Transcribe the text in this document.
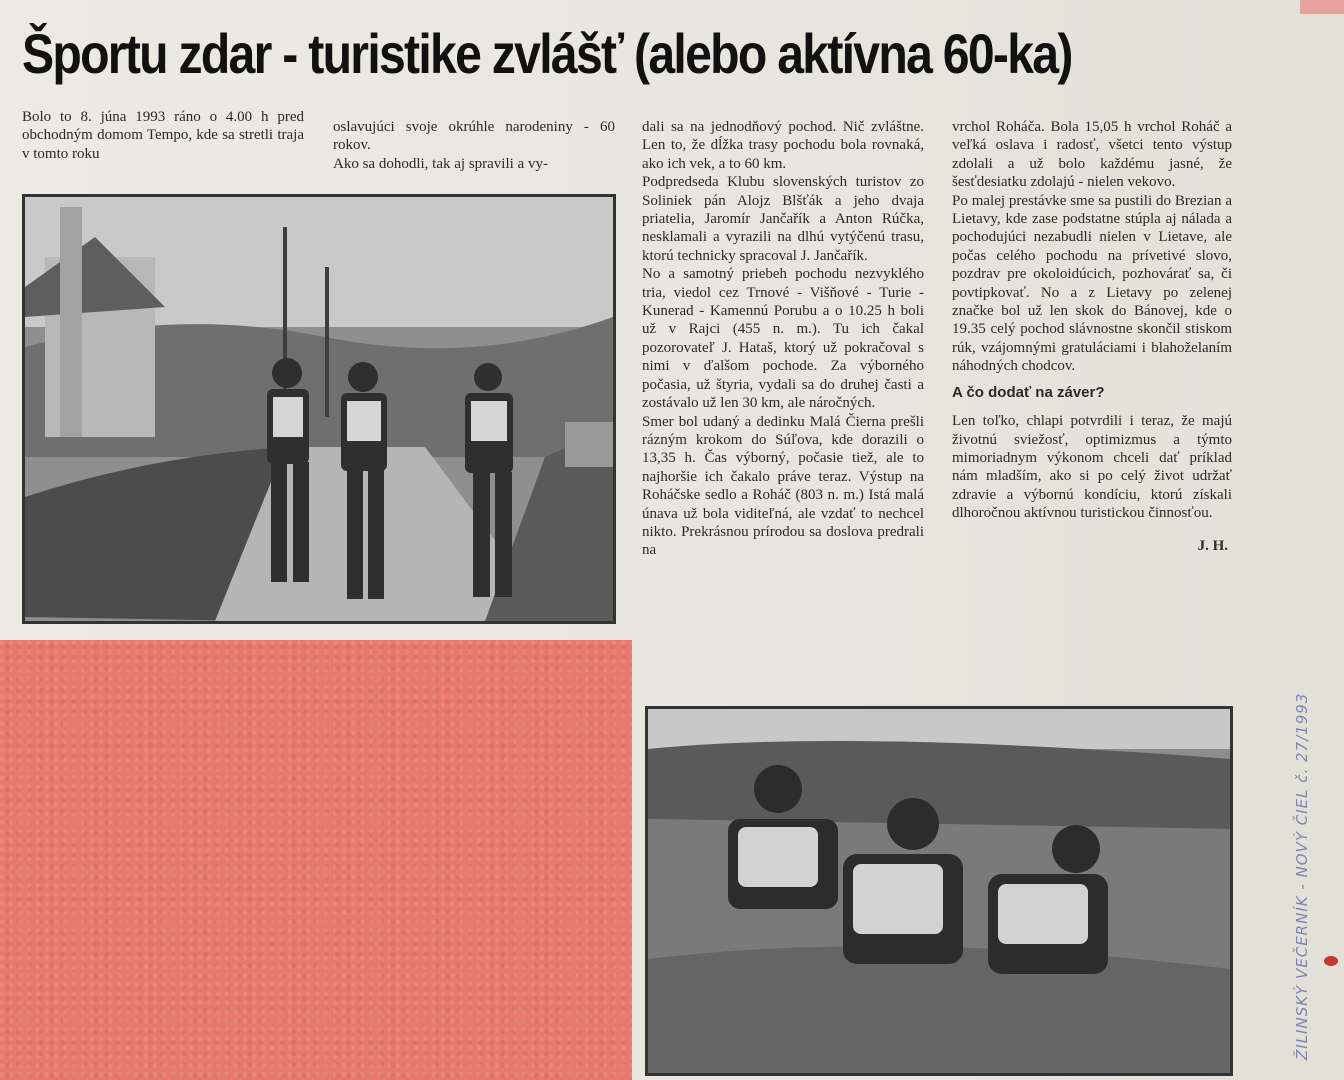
Športu zdar - turistike zvlášť (alebo aktívna 60-ka)

Bolo to 8. júna 1993 ráno o 4.00 h pred obchodným domom Tempo, kde sa stretli traja v tomto roku

oslavujúci svoje okrúhle narodeniny - 60 rokov.

Ako sa dohodli, tak aj spravili a vy-

dali sa na jednodňový pochod. Nič zvláštne. Len to, že dĺžka trasy pochodu bola rovnaká, ako ich vek, a to 60 km.

Podpredseda Klubu slovenských turistov zo Soliniek pán Alojz Blšťák a jeho dvaja priatelia, Jaromír Jančařík a Anton Rúčka, nesklamali a vyrazili na dlhú vytýčenú trasu, ktorú technicky spracoval J. Jančařík.

No a samotný priebeh pochodu nezvyklého tria, viedol cez Trnové - Višňové - Turie - Kunerad - Kamennú Porubu a o 10.25 h boli už v Rajci (455 n. m.). Tu ich čakal pozorovateľ J. Hataš, ktorý už pokračoval s nimi v ďalšom pochode. Za výborného počasia, už štyria, vydali sa do druhej časti a zostávalo už len 30 km, ale náročných.

Smer bol udaný a dedinku Malá Čierna prešli rázným krokom do Súľova, kde dorazili o 13,35 h. Čas výborný, počasie tiež, ale to najhoršie ich čakalo práve teraz. Výstup na Roháčske sedlo a Roháč (803 n. m.) Istá malá únava už bola viditeľná, ale vzdať to nechcel nikto. Prekrásnou prírodou sa doslova predrali na

vrchol Roháča. Bola 15,05 h vrchol Roháč a veľká oslava i radosť, všetci tento výstup zdolali a už bolo každému jasné, že šesťdesiatku zdolajú - nielen vekovo.

Po malej prestávke sme sa pustili do Brezian a Lietavy, kde zase podstatne stúpla aj nálada a pochodujúci nezabudli nielen v Lietave, ale počas celého pochodu na prívetivé slovo, pozdrav pre okoloidúcich, pozhovárať sa, či povtipkovať. No a z Lietavy po zelenej značke bol už len skok do Bánovej, kde o 19.35 celý pochod slávnostne skončil stiskom rúk, vzájomnými gratuláciami i blahoželaním náhodných chodcov.

A čo dodať na záver?

Len toľko, chlapi potvrdili i teraz, že majú životnú sviežosť, optimizmus a týmto mimoriadnym výkonom chceli dať príklad nám mladším, ako si po celý život udržať zdravie a výbornú kondíciu, ktorú získali dlhoročnou aktívnou turistickou činnosťou.

J. H.

ŽILINSKÝ VEČERNÍK - NOVÝ ČIEL č. 27/1993
